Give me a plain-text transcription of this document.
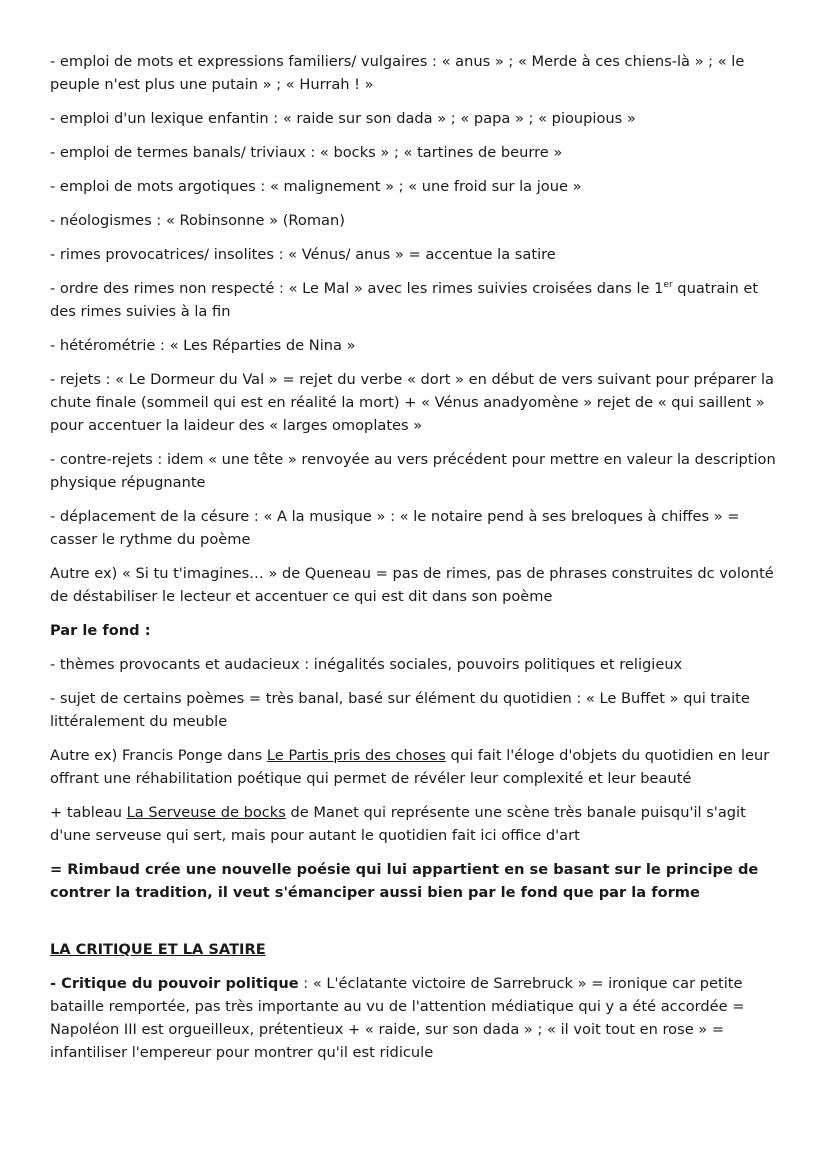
- emploi de mots et expressions familiers/ vulgaires : « anus » ; « Merde à ces chiens-là » ; « le peuple n'est plus une putain » ; « Hurrah ! »

- emploi d'un lexique enfantin : « raide sur son dada » ; « papa » ; « pioupious »

- emploi de termes banals/ triviaux : « bocks » ; « tartines de beurre »

- emploi de mots argotiques : « malignement » ; « une froid sur la joue »

- néologismes : « Robinsonne » (Roman)

- rimes provocatrices/ insolites : « Vénus/ anus » = accentue la satire

- ordre des rimes non respecté : « Le Mal » avec les rimes suivies croisées dans le 1er quatrain et des rimes suivies à la fin

- hétérométrie : « Les Réparties de Nina »

- rejets : « Le Dormeur du Val » = rejet du verbe « dort » en début de vers suivant pour préparer la chute finale (sommeil qui est en réalité la mort) + « Vénus anadyomène » rejet de « qui saillent » pour accentuer la laideur des « larges omoplates »

- contre-rejets : idem « une tête » renvoyée au vers précédent pour mettre en valeur la description physique répugnante

- déplacement de la césure : « A la musique » : « le notaire pend à ses breloques à chiffes » = casser le rythme du poème

Autre ex) « Si tu t'imagines… » de Queneau = pas de rimes, pas de phrases construites dc volonté de déstabiliser le lecteur et accentuer ce qui est dit dans son poème

Par le fond :

- thèmes provocants et audacieux : inégalités sociales, pouvoirs politiques et religieux

- sujet de certains poèmes = très banal, basé sur élément du quotidien : « Le Buffet » qui traite littéralement du meuble

Autre ex) Francis Ponge dans Le Partis pris des choses qui fait l'éloge d'objets du quotidien en leur offrant une réhabilitation poétique qui permet de révéler leur complexité et leur beauté

+ tableau La Serveuse de bocks de Manet qui représente une scène très banale puisqu'il s'agit d'une serveuse qui sert, mais pour autant le quotidien fait ici office d'art

= Rimbaud crée une nouvelle poésie qui lui appartient en se basant sur le principe de contrer la tradition, il veut s'émanciper aussi bien par le fond que par la forme

LA CRITIQUE ET LA SATIRE

- Critique du pouvoir politique : « L'éclatante victoire de Sarrebruck » = ironique car petite bataille remportée, pas très importante au vu de l'attention médiatique qui y a été accordée = Napoléon III est orgueilleux, prétentieux + « raide, sur son dada » ; « il voit tout en rose » = infantiliser l'empereur pour montrer qu'il est ridicule
